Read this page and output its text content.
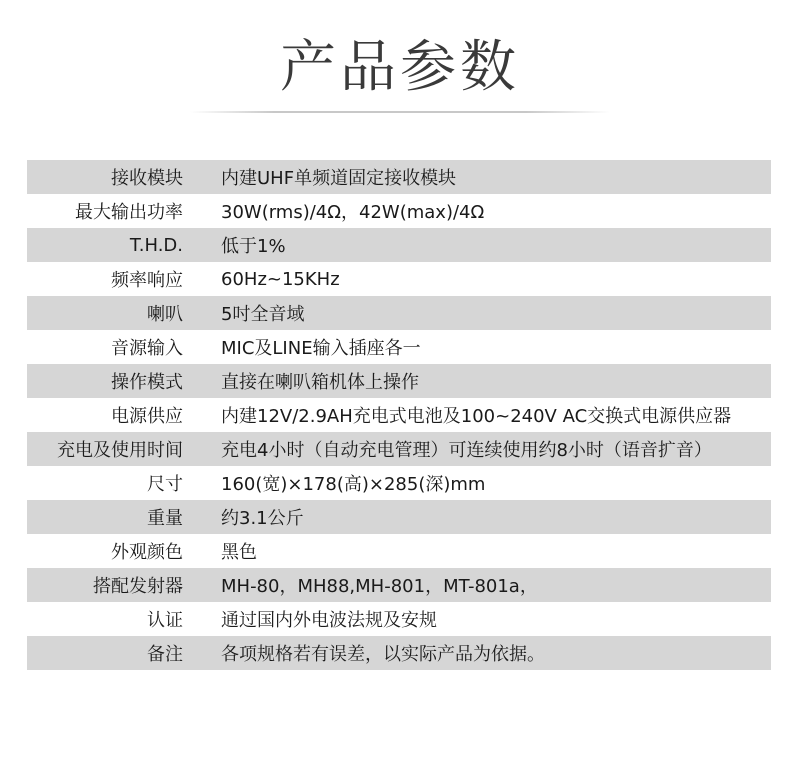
产品参数
接收模块 内建UHF单频道固定接收模块
最大输出功率 30W(rms)/4Ω，42W(max)/4Ω
T.H.D. 低于1%
频率响应 60Hz~15KHz
喇叭 5吋全音域
音源输入 MIC及LINE输入插座各一
操作模式 直接在喇叭箱机体上操作
电源供应 内建12V/2.9AH充电式电池及100~240V AC交换式电源供应器
充电及使用时间 充电4小时（自动充电管理）可连续使用约8小时（语音扩音）
尺寸 160(宽)×178(高)×285(深)mm
重量 约3.1公斤
外观颜色 黑色
搭配发射器 MH-80，MH88,MH-801，MT-801a，
认证 通过国内外电波法规及安规
备注 各项规格若有误差，以实际产品为依据。
